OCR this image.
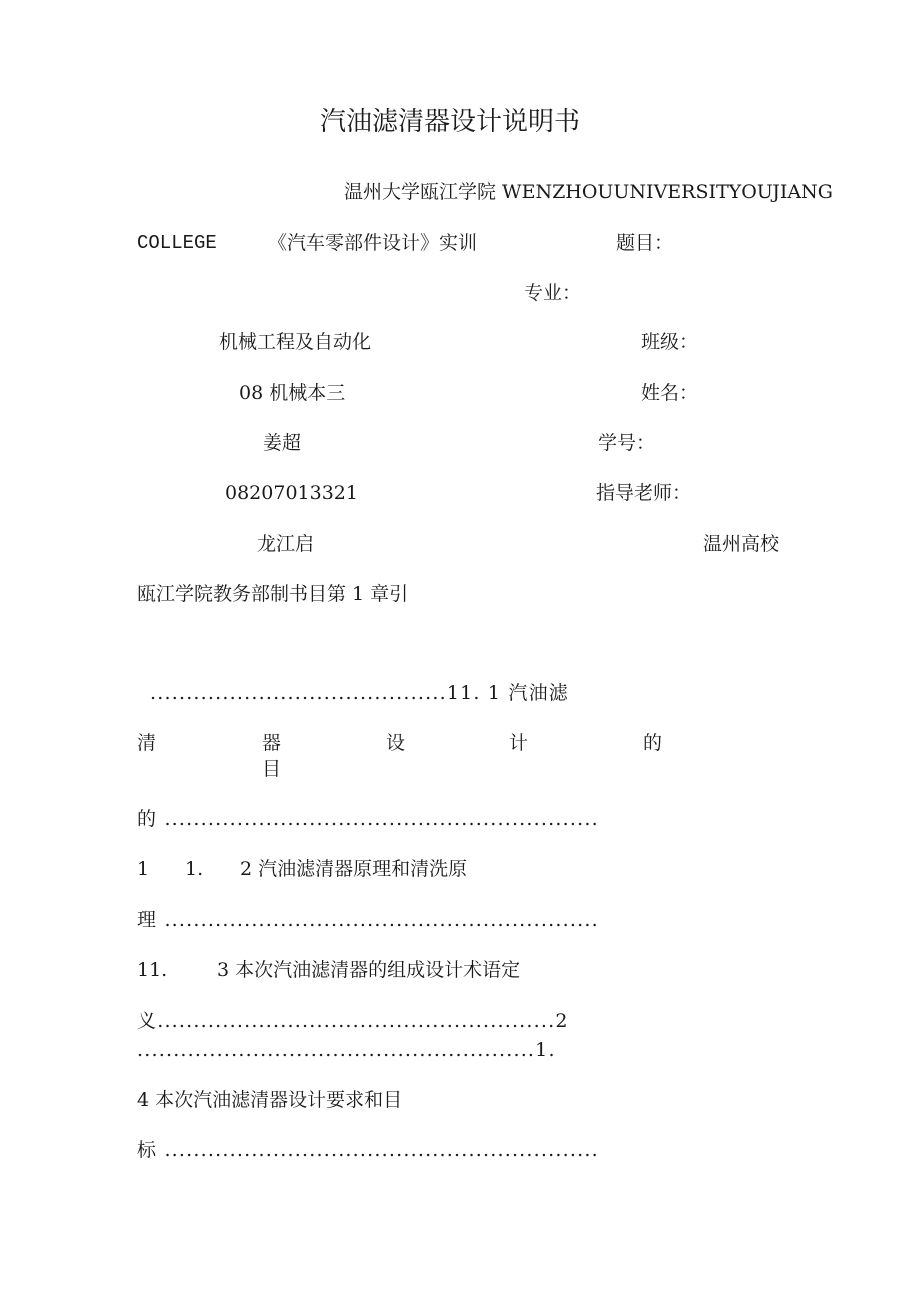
汽油滤清器设计说明书
温州大学瓯江学院 WENZHOUUNIVERSITYOUJIANG
COLLEGE	《汽车零部件设计》实训	题目：
专业：
机械工程及自动化	班级：
08 机械本三	姓名：
姜超	学号：
08207013321	指导老师：
龙江启	温州高校
瓯江学院教务部制书目第 1 章引
.........................................11. 1 汽油滤
清	器	设	计	的
目
的 ............................................................
1 1. 2 汽油滤清器原理和清洗原
理 ............................................................
11.	3 本次汽油滤清器的组成设计术语定
义.......................................................2
.......................................................1.
4 本次汽油滤清器设计要求和目
标 ............................................................
